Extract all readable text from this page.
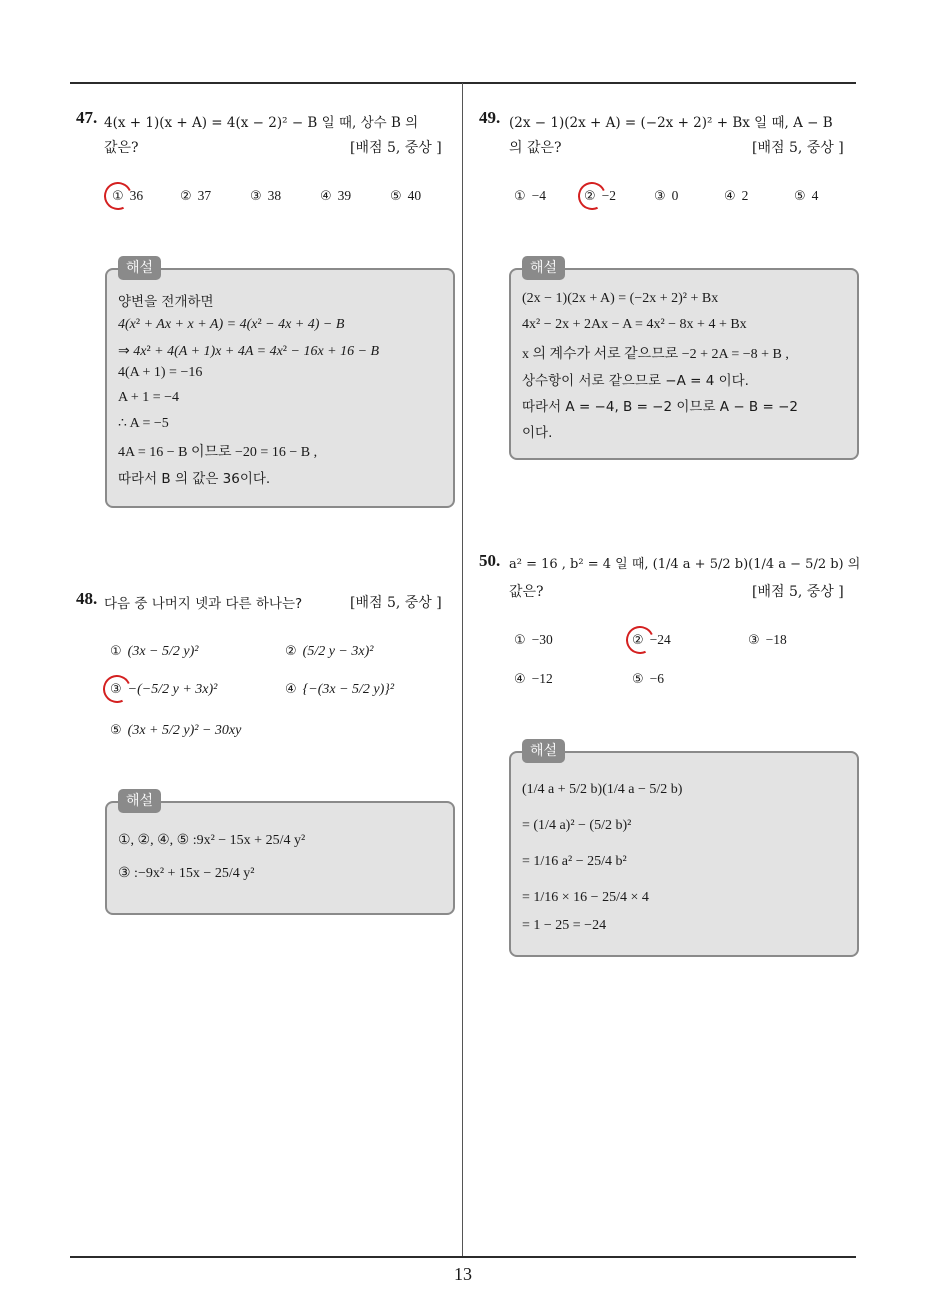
47. 4(x + 1)(x + A) = 4(x − 2)² − B 일 때, 상수 B 의
값은?	[배점 5, 중상 ]
① 36	② 37	③ 38	④ 39	⑤ 40
해설
양변을 전개하면
4(x² + Ax + x + A) = 4(x² − 4x + 4) − B
⇒ 4x² + 4(A + 1)x + 4A = 4x² − 16x + 16 − B
4(A + 1) = −16
A + 1 = −4
∴ A = −5
4A = 16 − B 이므로 −20 = 16 − B ,
따라서 B 의 값은 36이다.
48. 다음 중 나머지 넷과 다른 하나는?	[배점 5, 중상 ]
① (3x − 5/2 y)²	② (5/2 y − 3x)²
③ −(−5/2 y + 3x)²	④ {−(3x − 5/2 y)}²
⑤ (3x + 5/2 y)² − 30xy
해설
①, ②, ④, ⑤ :9x² − 15x + 25/4 y²
③ :−9x² + 15x − 25/4 y²
49. (2x − 1)(2x + A) = (−2x + 2)² + Bx 일 때, A − B
의 값은?	[배점 5, 중상 ]
① −4	② −2	③ 0	④ 2	⑤ 4
해설
(2x − 1)(2x + A) = (−2x + 2)² + Bx
4x² − 2x + 2Ax − A = 4x² − 8x + 4 + Bx
x 의 계수가 서로 같으므로 −2 + 2A = −8 + B ,
상수항이 서로 같으므로 −A = 4 이다.
따라서 A = −4, B = −2 이므로 A − B = −2
이다.
50. a² = 16 , b² = 4 일 때, (1/4 a + 5/2 b)(1/4 a − 5/2 b) 의
값은?	[배점 5, 중상 ]
① −30	② −24	③ −18
④ −12	⑤ −6
해설
(1/4 a + 5/2 b)(1/4 a − 5/2 b)
= (1/4 a)² − (5/2 b)²
= 1/16 a² − 25/4 b²
= 1/16 × 16 − 25/4 × 4
= 1 − 25 = −24
13
